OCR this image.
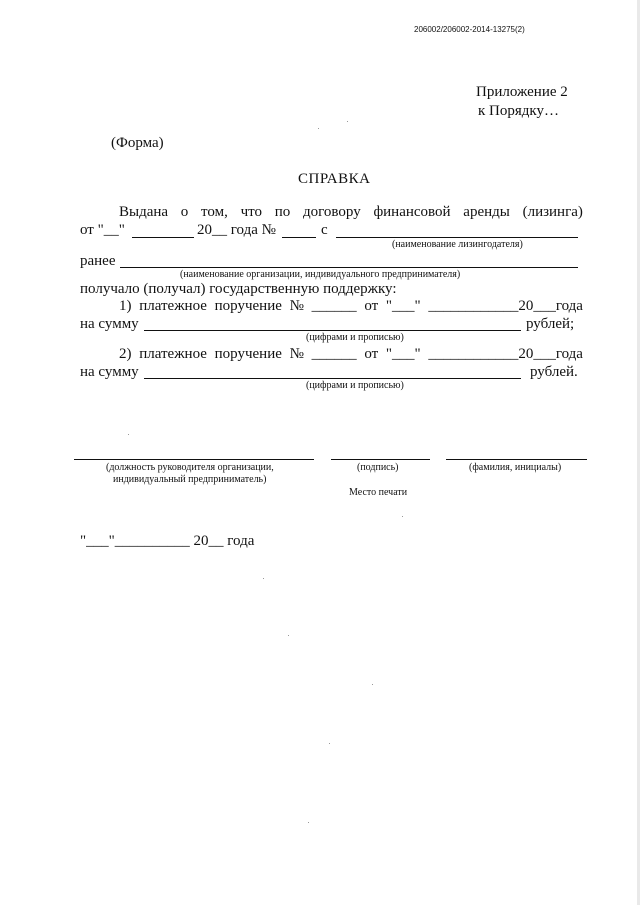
206002/206002-2014-13275(2)
Приложение 2
к Порядку…
(Форма)
СПРАВКА
Выдана о том, что по договору финансовой аренды (лизинга)
от "__"	20__ года №	с
(наименование лизингодателя)
ранее
(наименование организации, индивидуального предпринимателя)
получало (получал) государственную поддержку:
1) платежное поручение № ______ от "___" ____________20___года
на сумму	рублей;
(цифрами и прописью)
2) платежное поручение № ______ от "___" ____________20___года
на сумму	рублей.
(цифрами и прописью)
(должность руководителя организации,
индивидуальный предприниматель)
(подпись)	(фамилия, инициалы)
Место печати
"___"__________ 20__ года
